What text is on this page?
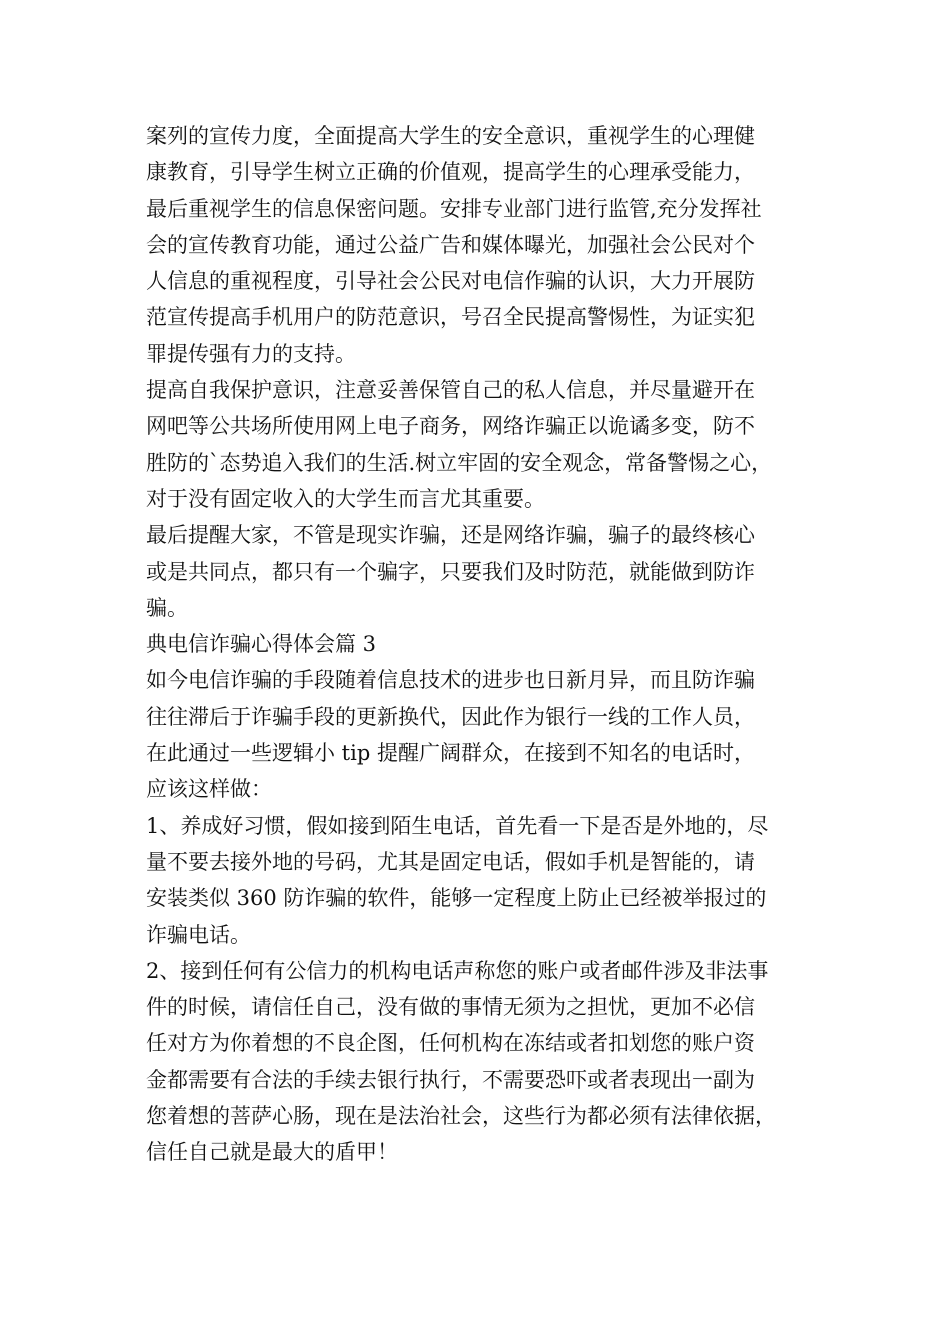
案列的宣传力度，全面提高大学生的安全意识，重视学生的心理健
康教育，引导学生树立正确的价值观，提高学生的心理承受能力，
最后重视学生的信息保密问题。安排专业部门进行监管,充分发挥社
会的宣传教育功能，通过公益广告和媒体曝光，加强社会公民对个
人信息的重视程度，引导社会公民对电信作骗的认识，大力开展防
范宣传提高手机用户的防范意识，号召全民提高警惕性，为证实犯
罪提传强有力的支持。
提高自我保护意识，注意妥善保管自己的私人信息，并尽量避开在
网吧等公共场所使用网上电子商务，网络诈骗正以诡谲多变，防不
胜防的`态势追入我们的生活.树立牢固的安全观念，常备警惕之心，
对于没有固定收入的大学生而言尤其重要。
最后提醒大家，不管是现实诈骗，还是网络诈骗，骗子的最终核心
或是共同点，都只有一个骗字，只要我们及时防范，就能做到防诈
骗。
典电信诈骗心得体会篇 3
如今电信诈骗的手段随着信息技术的进步也日新月异，而且防诈骗
往往滞后于诈骗手段的更新换代，因此作为银行一线的工作人员，
在此通过一些逻辑小 tip 提醒广阔群众，在接到不知名的电话时，
应该这样做：
1、养成好习惯，假如接到陌生电话，首先看一下是否是外地的，尽
量不要去接外地的号码，尤其是固定电话，假如手机是智能的，请
安装类似 360 防诈骗的软件，能够一定程度上防止已经被举报过的
诈骗电话。
2、接到任何有公信力的机构电话声称您的账户或者邮件涉及非法事
件的时候，请信任自己，没有做的事情无须为之担忧，更加不必信
任对方为你着想的不良企图，任何机构在冻结或者扣划您的账户资
金都需要有合法的手续去银行执行，不需要恐吓或者表现出一副为
您着想的菩萨心肠，现在是法治社会，这些行为都必须有法律依据，
信任自己就是最大的盾甲！
